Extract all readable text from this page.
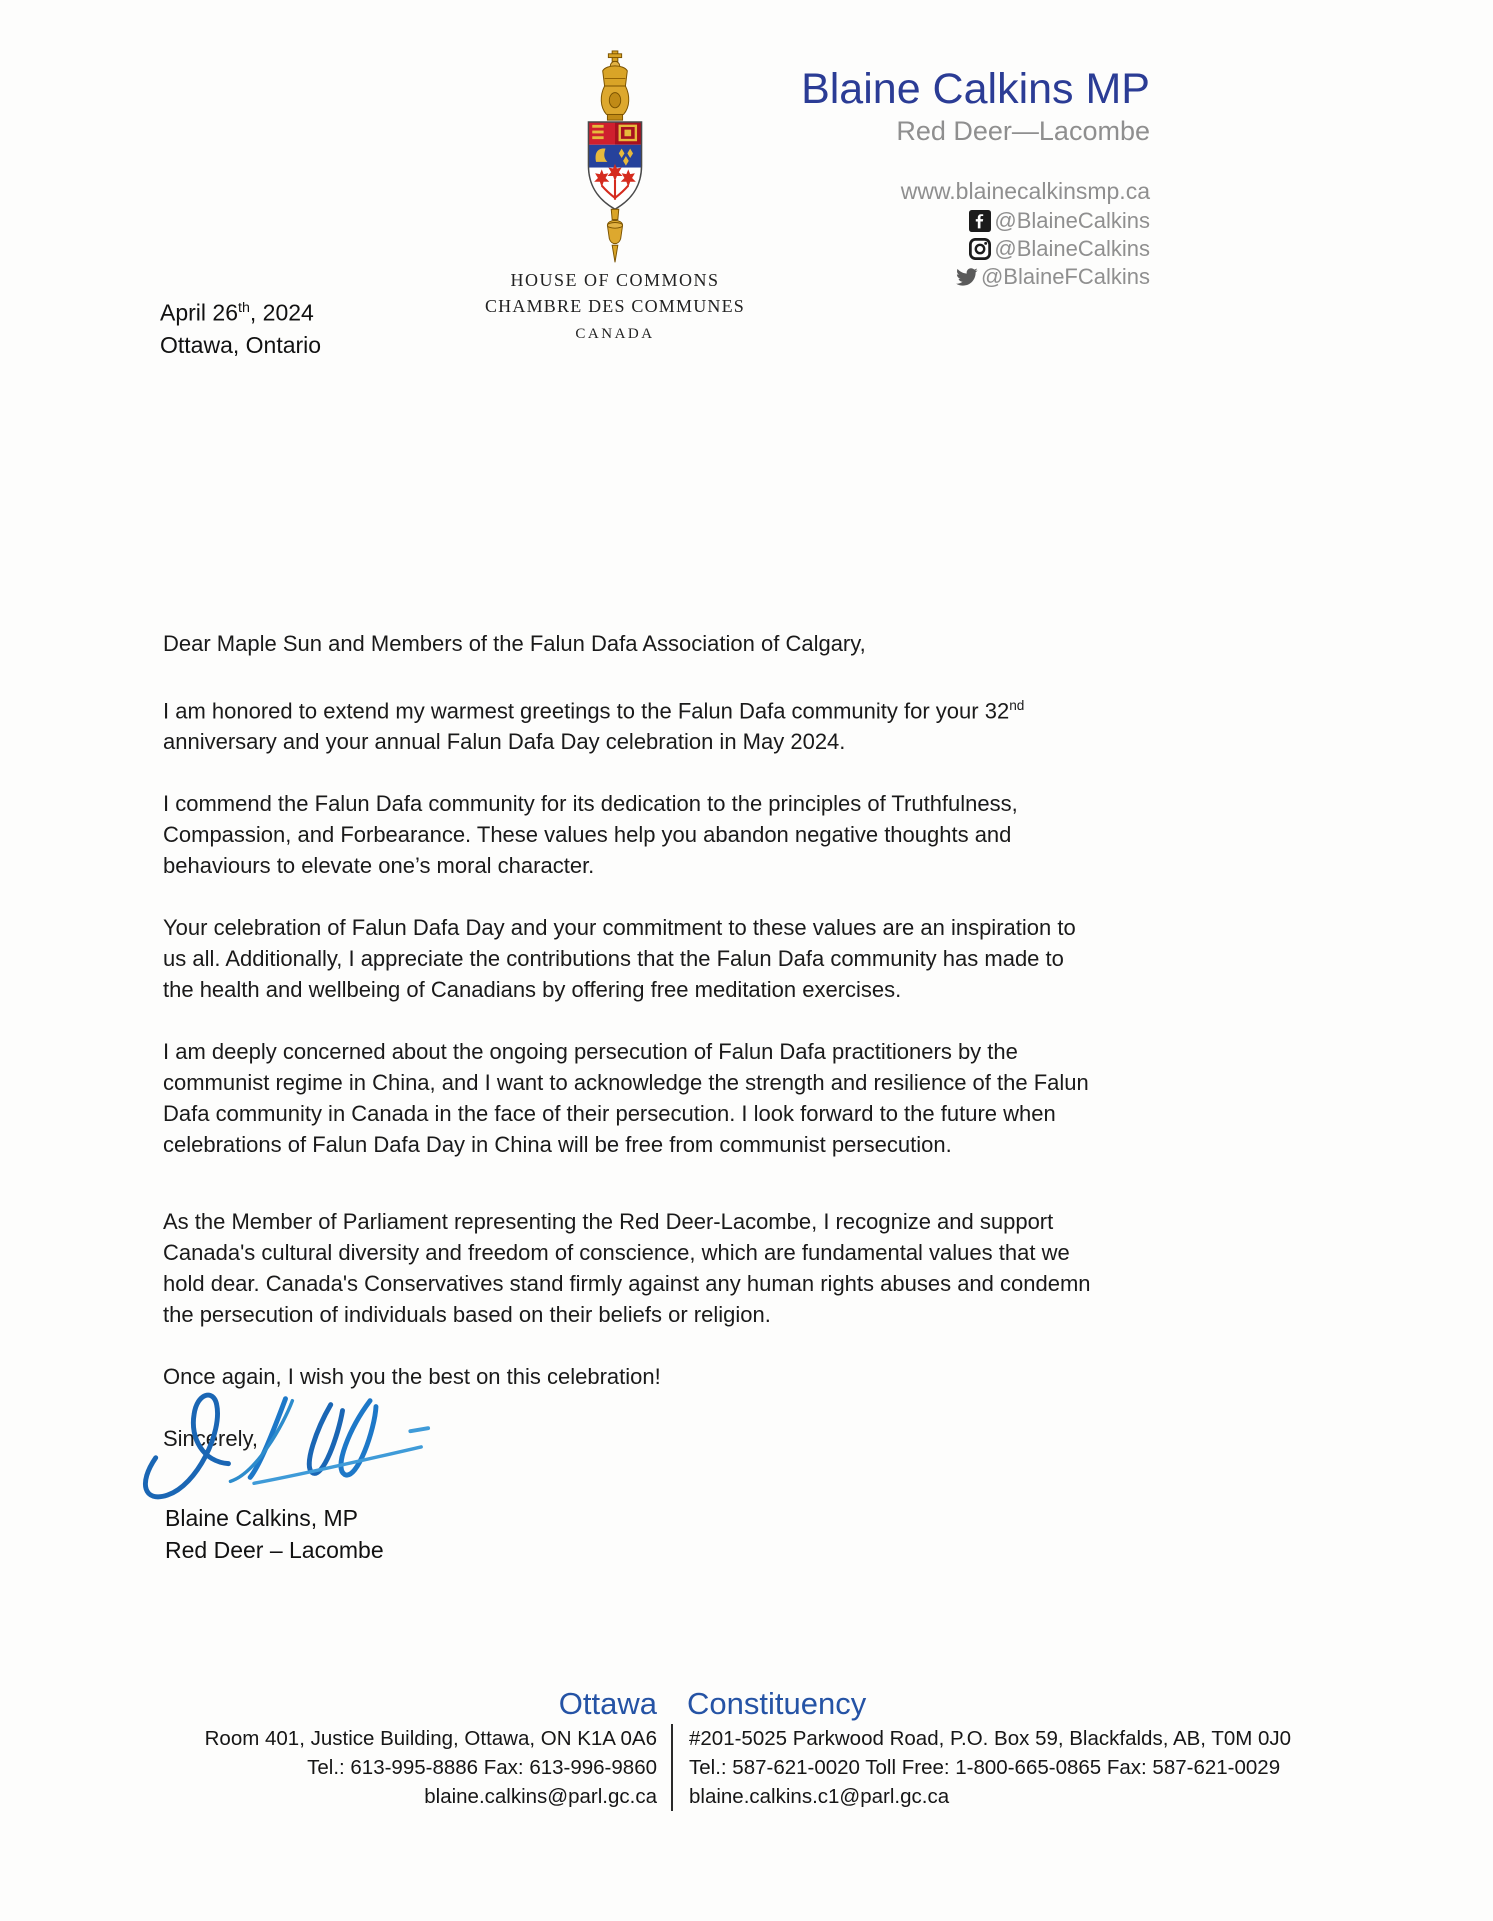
Blaine Calkins MP
Red Deer—Lacombe
www.blainecalkinsmp.ca
@BlaineCalkins
@BlaineCalkins
@BlaineFCalkins
HOUSE OF COMMONS
CHAMBRE DES COMMUNES
CANADA
April 26th, 2024
Ottawa, Ontario

Dear Maple Sun and Members of the Falun Dafa Association of Calgary,

I am honored to extend my warmest greetings to the Falun Dafa community for your 32nd anniversary and your annual Falun Dafa Day celebration in May 2024.

I commend the Falun Dafa community for its dedication to the principles of Truthfulness, Compassion, and Forbearance. These values help you abandon negative thoughts and behaviours to elevate one’s moral character.

Your celebration of Falun Dafa Day and your commitment to these values are an inspiration to us all. Additionally, I appreciate the contributions that the Falun Dafa community has made to the health and wellbeing of Canadians by offering free meditation exercises.

I am deeply concerned about the ongoing persecution of Falun Dafa practitioners by the communist regime in China, and I want to acknowledge the strength and resilience of the Falun Dafa community in Canada in the face of their persecution. I look forward to the future when celebrations of Falun Dafa Day in China will be free from communist persecution.

As the Member of Parliament representing the Red Deer-Lacombe, I recognize and support Canada's cultural diversity and freedom of conscience, which are fundamental values that we hold dear. Canada's Conservatives stand firmly against any human rights abuses and condemn the persecution of individuals based on their beliefs or religion.

Once again, I wish you the best on this celebration!

Sincerely,

Blaine Calkins, MP
Red Deer – Lacombe
Ottawa Constituency
Room 401, Justice Building, Ottawa, ON K1A 0A6
Tel.: 613-995-8886 Fax: 613-996-9860
blaine.calkins@parl.gc.ca
#201-5025 Parkwood Road, P.O. Box 59, Blackfalds, AB, T0M 0J0
Tel.: 587-621-0020 Toll Free: 1-800-665-0865 Fax: 587-621-0029
blaine.calkins.c1@parl.gc.ca
